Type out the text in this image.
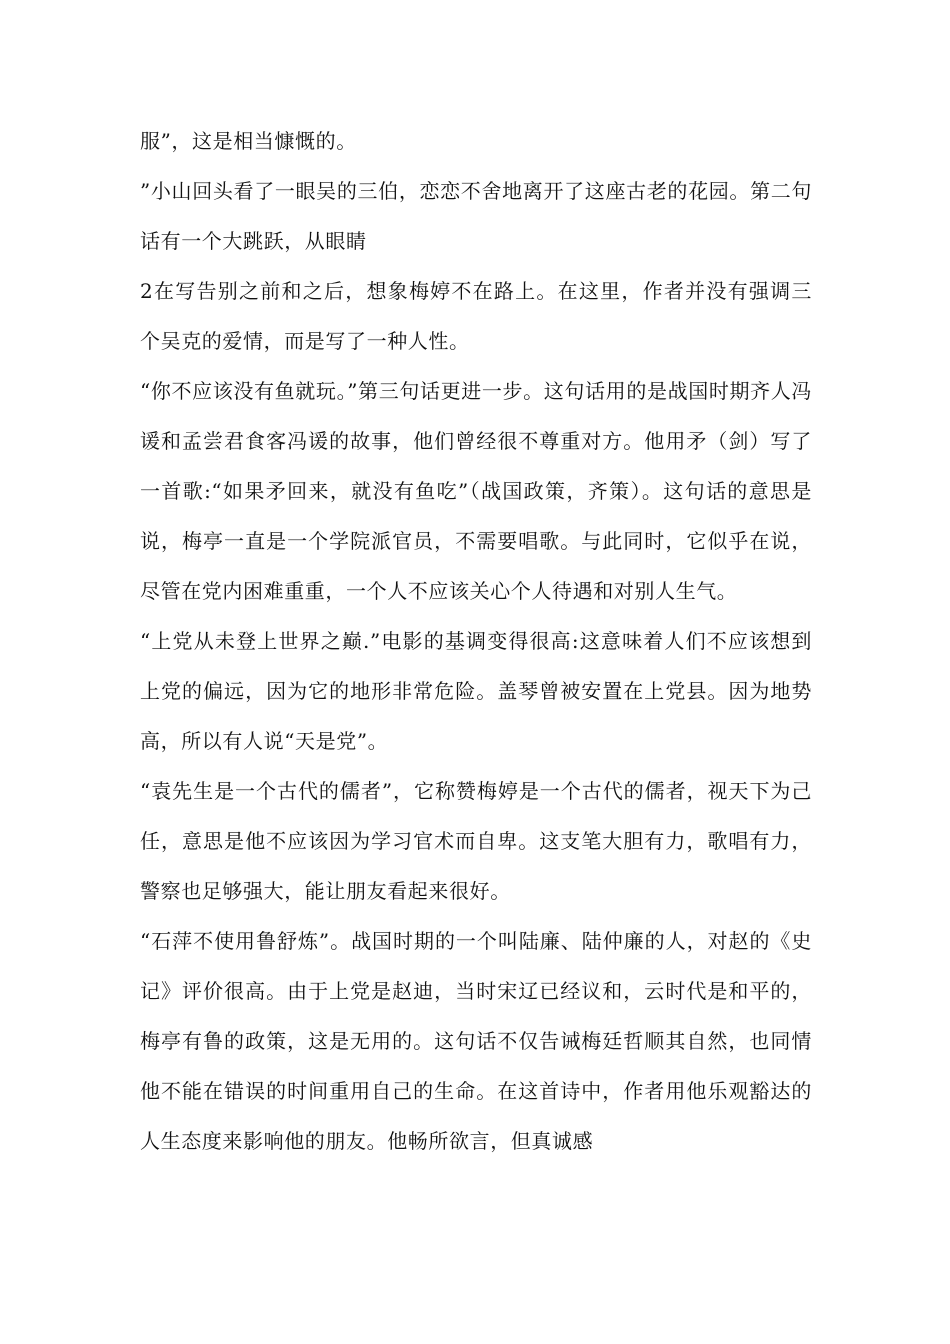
服”，这是相当慷慨的。

”小山回头看了一眼吴的三伯，恋恋不舍地离开了这座古老的花园。第二句话有一个大跳跃，从眼睛

2在写告别之前和之后，想象梅婷不在路上。在这里，作者并没有强调三个吴克的爱情，而是写了一种人性。

“你不应该没有鱼就玩。”第三句话更进一步。这句话用的是战国时期齐人冯谖和孟尝君食客冯谖的故事，他们曾经很不尊重对方。他用矛（剑）写了一首歌:“如果矛回来，就没有鱼吃”（战国政策，齐策）。这句话的意思是说，梅亭一直是一个学院派官员，不需要唱歌。与此同时，它似乎在说，尽管在党内困难重重，一个人不应该关心个人待遇和对别人生气。

“上党从未登上世界之巅.”电影的基调变得很高:这意味着人们不应该想到上党的偏远，因为它的地形非常危险。盖琴曾被安置在上党县。因为地势高，所以有人说“天是党”。

“袁先生是一个古代的儒者”，它称赞梅婷是一个古代的儒者，视天下为己任，意思是他不应该因为学习官术而自卑。这支笔大胆有力，歌唱有力，警察也足够强大，能让朋友看起来很好。

“石萍不使用鲁舒炼”。战国时期的一个叫陆廉、陆仲廉的人，对赵的《史记》评价很高。由于上党是赵迪，当时宋辽已经议和，云时代是和平的，梅亭有鲁的政策，这是无用的。这句话不仅告诫梅廷哲顺其自然，也同情他不能在错误的时间重用自己的生命。在这首诗中，作者用他乐观豁达的人生态度来影响他的朋友。他畅所欲言，但真诚感
